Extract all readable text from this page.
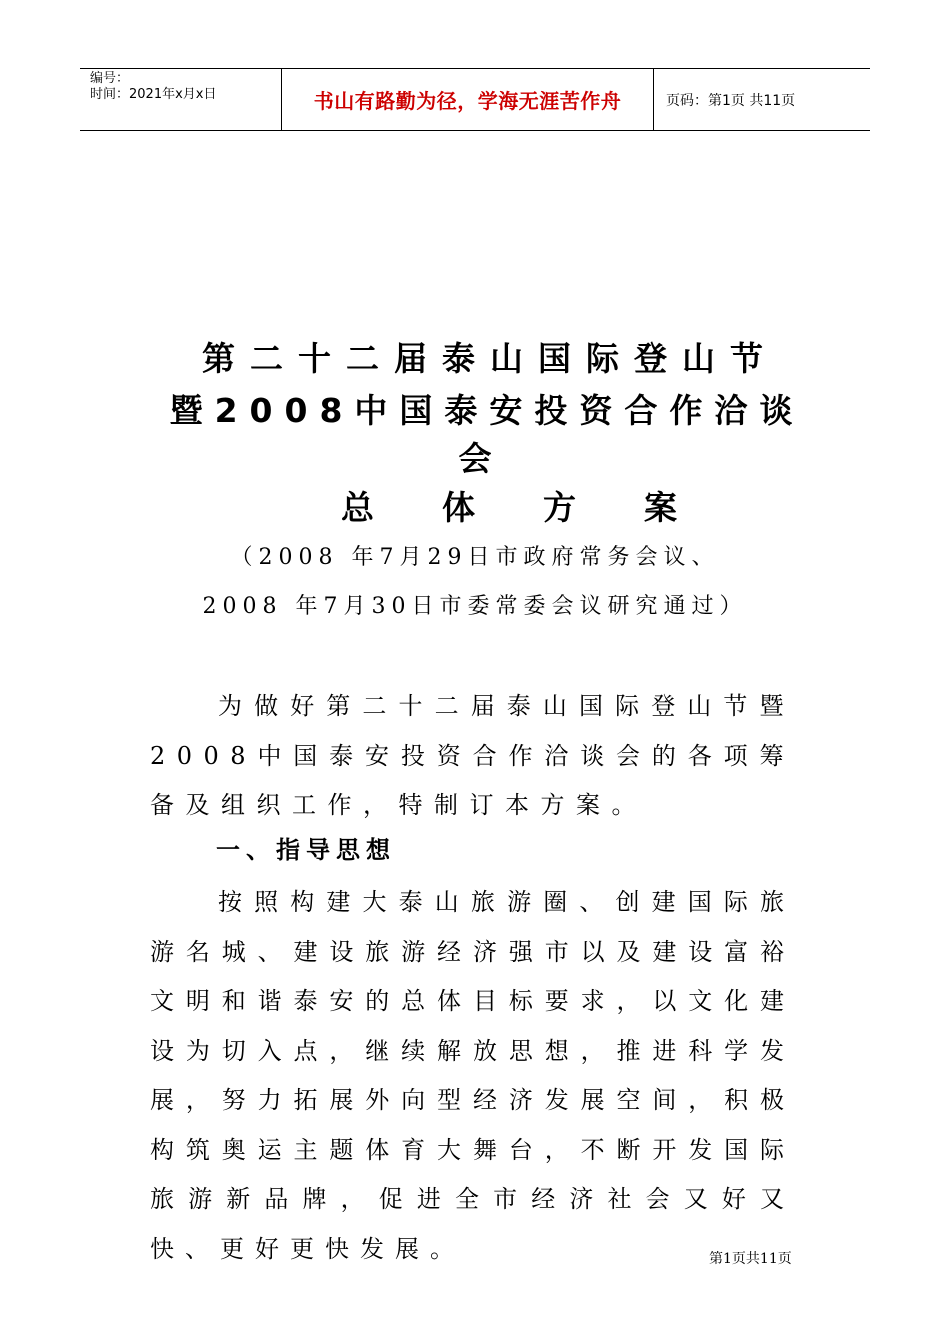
编号：
时间：2021年x月x日	书山有路勤为径，学海无涯苦作舟	页码：第1页 共11页
第二十二届泰山国际登山节
暨2008中国泰安投资合作洽谈
会
总体方案
（2008 年7月29日市政府常务会议、
2008 年7月30日市委常委会议研究通过）
为做好第二十二届泰山国际登山节暨2008中国泰安投资合作洽谈会的各项筹备及组织工作，特制订本方案。
一、指导思想
按照构建大泰山旅游圈、创建国际旅游名城、建设旅游经济强市以及建设富裕文明和谐泰安的总体目标要求，以文化建设为切入点，继续解放思想，推进科学发展，努力拓展外向型经济发展空间，积极构筑奥运主题体育大舞台，不断开发国际旅游新品牌，促进全市经济社会又好又快、更好更快发展。	第1页共11页
